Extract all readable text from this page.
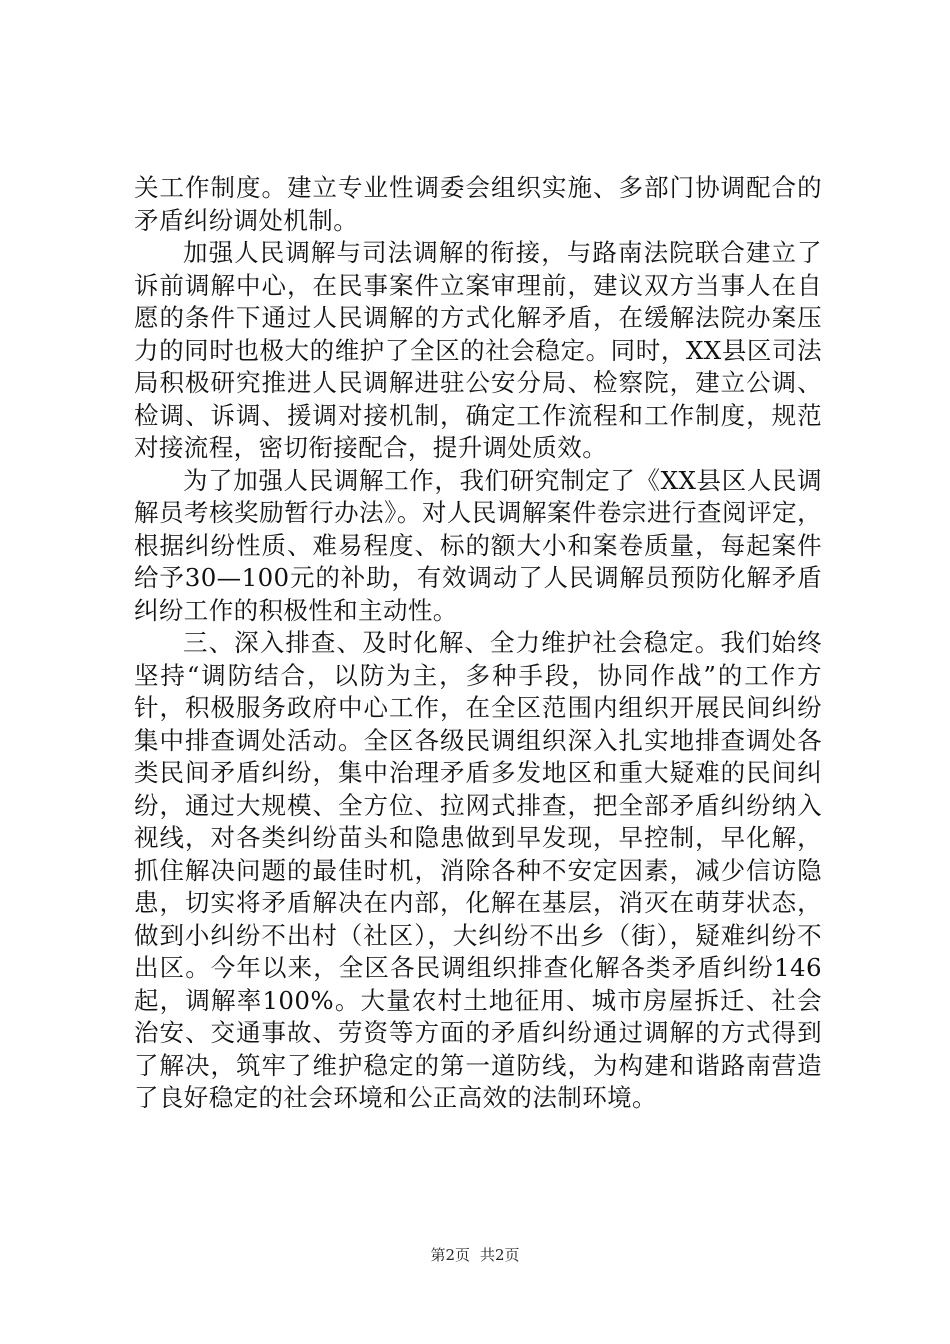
关工作制度。建立专业性调委会组织实施、多部门协调配合的矛盾纠纷调处机制。

加强人民调解与司法调解的衔接，与路南法院联合建立了诉前调解中心，在民事案件立案审理前，建议双方当事人在自愿的条件下通过人民调解的方式化解矛盾，在缓解法院办案压力的同时也极大的维护了全区的社会稳定。同时，XX县区司法局积极研究推进人民调解进驻公安分局、检察院，建立公调、检调、诉调、援调对接机制，确定工作流程和工作制度，规范对接流程，密切衔接配合，提升调处质效。

为了加强人民调解工作，我们研究制定了《XX县区人民调解员考核奖励暂行办法》。对人民调解案件卷宗进行查阅评定，根据纠纷性质、难易程度、标的额大小和案卷质量，每起案件给予30—100元的补助，有效调动了人民调解员预防化解矛盾纠纷工作的积极性和主动性。

三、深入排查、及时化解、全力维护社会稳定。我们始终坚持“调防结合，以防为主，多种手段，协同作战”的工作方针，积极服务政府中心工作，在全区范围内组织开展民间纠纷集中排查调处活动。全区各级民调组织深入扎实地排查调处各类民间矛盾纠纷，集中治理矛盾多发地区和重大疑难的民间纠纷，通过大规模、全方位、拉网式排查，把全部矛盾纠纷纳入视线，对各类纠纷苗头和隐患做到早发现，早控制，早化解，抓住解决问题的最佳时机，消除各种不安定因素，减少信访隐患，切实将矛盾解决在内部，化解在基层，消灭在萌芽状态，做到小纠纷不出村（社区），大纠纷不出乡（街），疑难纠纷不出区。今年以来，全区各民调组织排查化解各类矛盾纠纷146起，调解率100%。大量农村土地征用、城市房屋拆迁、社会治安、交通事故、劳资等方面的矛盾纠纷通过调解的方式得到了解决，筑牢了维护稳定的第一道防线，为构建和谐路南营造了良好稳定的社会环境和公正高效的法制环境。

第2页 共2页
